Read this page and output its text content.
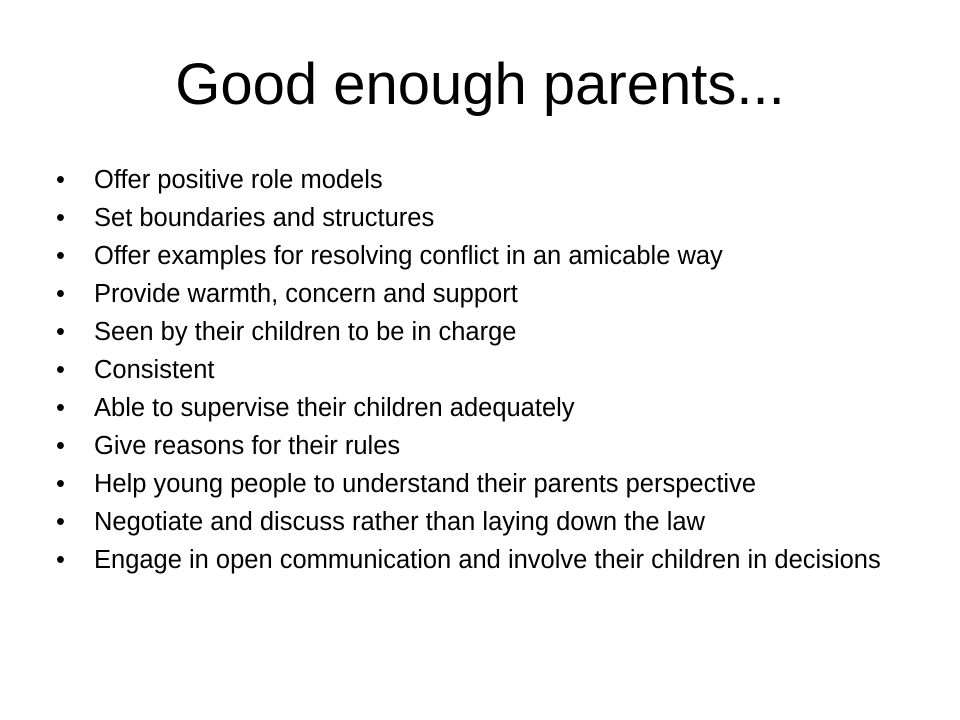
Good enough parents...
• Offer positive role models
• Set boundaries and structures
• Offer examples for resolving conflict in an amicable way
• Provide warmth, concern and support
• Seen by their children to be in charge
• Consistent
• Able to supervise their children adequately
• Give reasons for their rules
• Help young people to understand their parents perspective
• Negotiate and discuss rather than laying down the law
• Engage in open communication and involve their children in decisions
